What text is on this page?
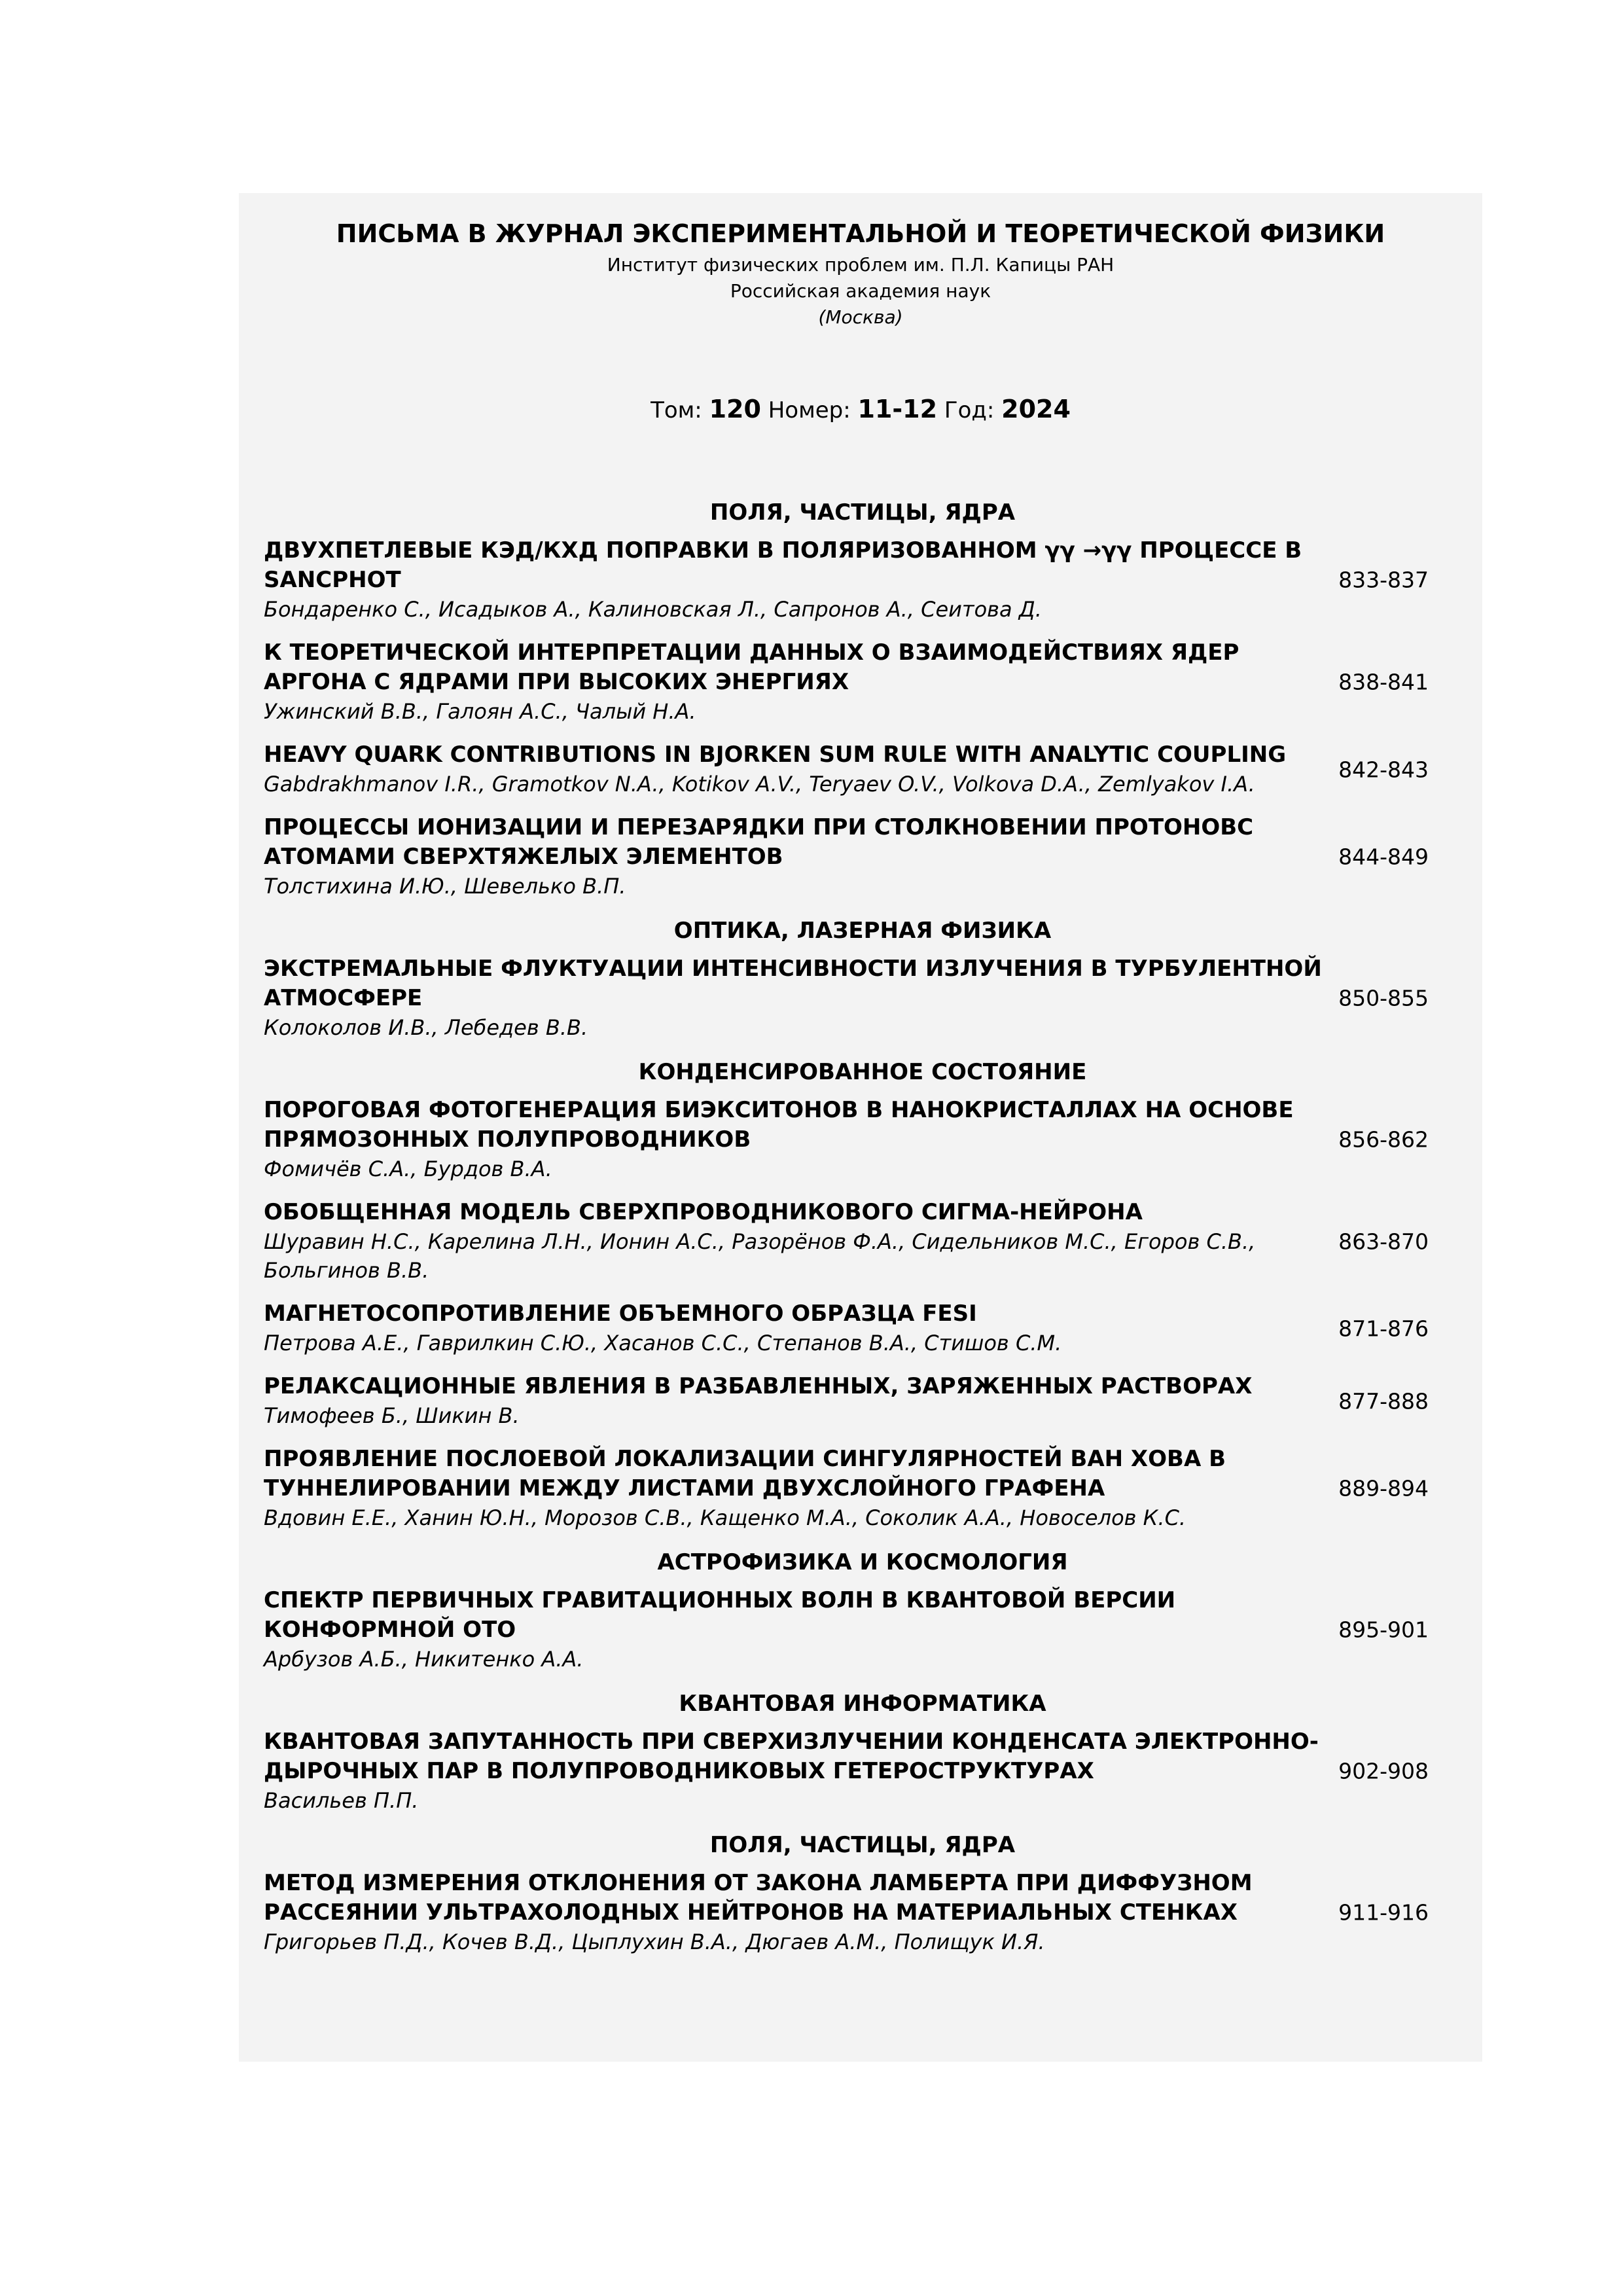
ПИСЬМА В ЖУРНАЛ ЭКСПЕРИМЕНТАЛЬНОЙ И ТЕОРЕТИЧЕСКОЙ ФИЗИКИ
Институт физических проблем им. П.Л. Капицы РАН
Российская академия наук
(Москва)
Том: 120 Номер: 11-12 Год: 2024
ПОЛЯ, ЧАСТИЦЫ, ЯДРА
ДВУХПЕТЛЕВЫЕ КЭД/КХД ПОПРАВКИ В ПОЛЯРИЗОВАННОМ γγ →γγ ПРОЦЕССЕ В SANCPHOT
Бондаренко С., Исадыков А., Калиновская Л., Сапронов А., Сеитова Д.
833-837
К ТЕОРЕТИЧЕСКОЙ ИНТЕРПРЕТАЦИИ ДАННЫХ О ВЗАИМОДЕЙСТВИЯХ ЯДЕР АРГОНА С ЯДРАМИ ПРИ ВЫСОКИХ ЭНЕРГИЯХ
Ужинский В.В., Галоян А.С., Чалый Н.А.
838-841
HEAVY QUARK CONTRIBUTIONS IN BJORKEN SUM RULE WITH ANALYTIC COUPLING
Gabdrakhmanov I.R., Gramotkov N.A., Kotikov A.V., Teryaev O.V., Volkova D.A., Zemlyakov I.A.
842-843
ПРОЦЕССЫ ИОНИЗАЦИИ И ПЕРЕЗАРЯДКИ ПРИ СТОЛКНОВЕНИИ ПРОТОНОВС АТОМАМИ СВЕРХТЯЖЕЛЫХ ЭЛЕМЕНТОВ
Толстихина И.Ю., Шевелько В.П.
844-849
ОПТИКА, ЛАЗЕРНАЯ ФИЗИКА
ЭКСТРЕМАЛЬНЫЕ ФЛУКТУАЦИИ ИНТЕНСИВНОСТИ ИЗЛУЧЕНИЯ В ТУРБУЛЕНТНОЙ АТМОСФЕРЕ
Колоколов И.В., Лебедев В.В.
850-855
КОНДЕНСИРОВАННОЕ СОСТОЯНИЕ
ПОРОГОВАЯ ФОТОГЕНЕРАЦИЯ БИЭКСИТОНОВ В НАНОКРИСТАЛЛАХ НА ОСНОВЕ ПРЯМОЗОННЫХ ПОЛУПРОВОДНИКОВ
Фомичёв С.А., Бурдов В.А.
856-862
ОБОБЩЕННАЯ МОДЕЛЬ СВЕРХПРОВОДНИКОВОГО СИГМА-НЕЙРОНА
Шуравин Н.С., Карелина Л.Н., Ионин А.С., Разорёнов Ф.А., Сидельников М.С., Егоров С.В., Больгинов В.В.
863-870
МАГНЕТОСОПРОТИВЛЕНИЕ ОБЪЕМНОГО ОБРАЗЦА FESI
Петрова А.Е., Гаврилкин С.Ю., Хасанов С.С., Степанов В.А., Стишов С.М.
871-876
РЕЛАКСАЦИОННЫЕ ЯВЛЕНИЯ В РАЗБАВЛЕННЫХ, ЗАРЯЖЕННЫХ РАСТВОРАХ
Тимофеев Б., Шикин В.
877-888
ПРОЯВЛЕНИЕ ПОСЛОЕВОЙ ЛОКАЛИЗАЦИИ СИНГУЛЯРНОСТЕЙ ВАН ХОВА В ТУННЕЛИРОВАНИИ МЕЖДУ ЛИСТАМИ ДВУХСЛОЙНОГО ГРАФЕНА
Вдовин Е.Е., Ханин Ю.Н., Морозов С.В., Кащенко М.А., Соколик А.А., Новоселов К.С.
889-894
АСТРОФИЗИКА И КОСМОЛОГИЯ
СПЕКТР ПЕРВИЧНЫХ ГРАВИТАЦИОННЫХ ВОЛН В КВАНТОВОЙ ВЕРСИИ КОНФОРМНОЙ ОТО
Арбузов А.Б., Никитенко А.А.
895-901
КВАНТОВАЯ ИНФОРМАТИКА
КВАНТОВАЯ ЗАПУТАННОСТЬ ПРИ СВЕРХИЗЛУЧЕНИИ КОНДЕНСАТА ЭЛЕКТРОННО-ДЫРОЧНЫХ ПАР В ПОЛУПРОВОДНИКОВЫХ ГЕТЕРОСТРУКТУРАХ
Васильев П.П.
902-908
ПОЛЯ, ЧАСТИЦЫ, ЯДРА
МЕТОД ИЗМЕРЕНИЯ ОТКЛОНЕНИЯ ОТ ЗАКОНА ЛАМБЕРТА ПРИ ДИФФУЗНОМ РАССЕЯНИИ УЛЬТРАХОЛОДНЫХ НЕЙТРОНОВ НА МАТЕРИАЛЬНЫХ СТЕНКАХ
Григорьев П.Д., Кочев В.Д., Цыплухин В.А., Дюгаев А.М., Полищук И.Я.
911-916
